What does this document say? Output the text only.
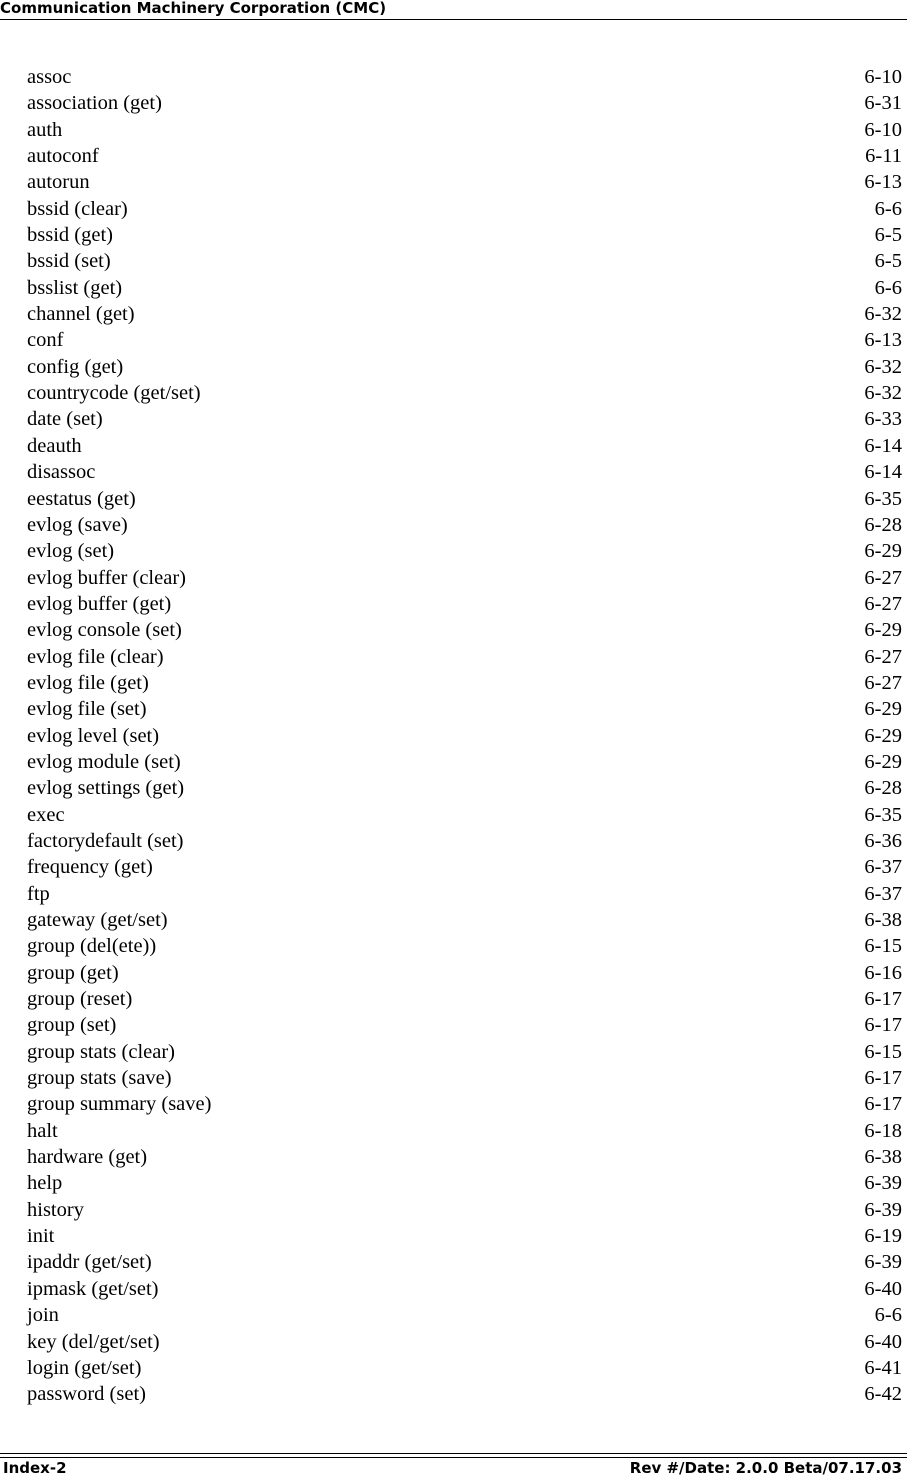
Communication Machinery Corporation (CMC)
assoc	6-10
association (get)	6-31
auth	6-10
autoconf	6-11
autorun	6-13
bssid (clear)	6-6
bssid (get)	6-5
bssid (set)	6-5
bsslist (get)	6-6
channel (get)	6-32
conf	6-13
config (get)	6-32
countrycode (get/set)	6-32
date (set)	6-33
deauth	6-14
disassoc	6-14
eestatus (get)	6-35
evlog (save)	6-28
evlog (set)	6-29
evlog buffer (clear)	6-27
evlog buffer (get)	6-27
evlog console (set)	6-29
evlog file (clear)	6-27
evlog file (get)	6-27
evlog file (set)	6-29
evlog level (set)	6-29
evlog module (set)	6-29
evlog settings (get)	6-28
exec	6-35
factorydefault (set)	6-36
frequency (get)	6-37
ftp	6-37
gateway (get/set)	6-38
group (del(ete))	6-15
group (get)	6-16
group (reset)	6-17
group (set)	6-17
group stats (clear)	6-15
group stats (save)	6-17
group summary (save)	6-17
halt	6-18
hardware (get)	6-38
help	6-39
history	6-39
init	6-19
ipaddr (get/set)	6-39
ipmask (get/set)	6-40
join	6-6
key (del/get/set)	6-40
login (get/set)	6-41
password (set)	6-42
Index-2	Rev #/Date: 2.0.0 Beta/07.17.03
